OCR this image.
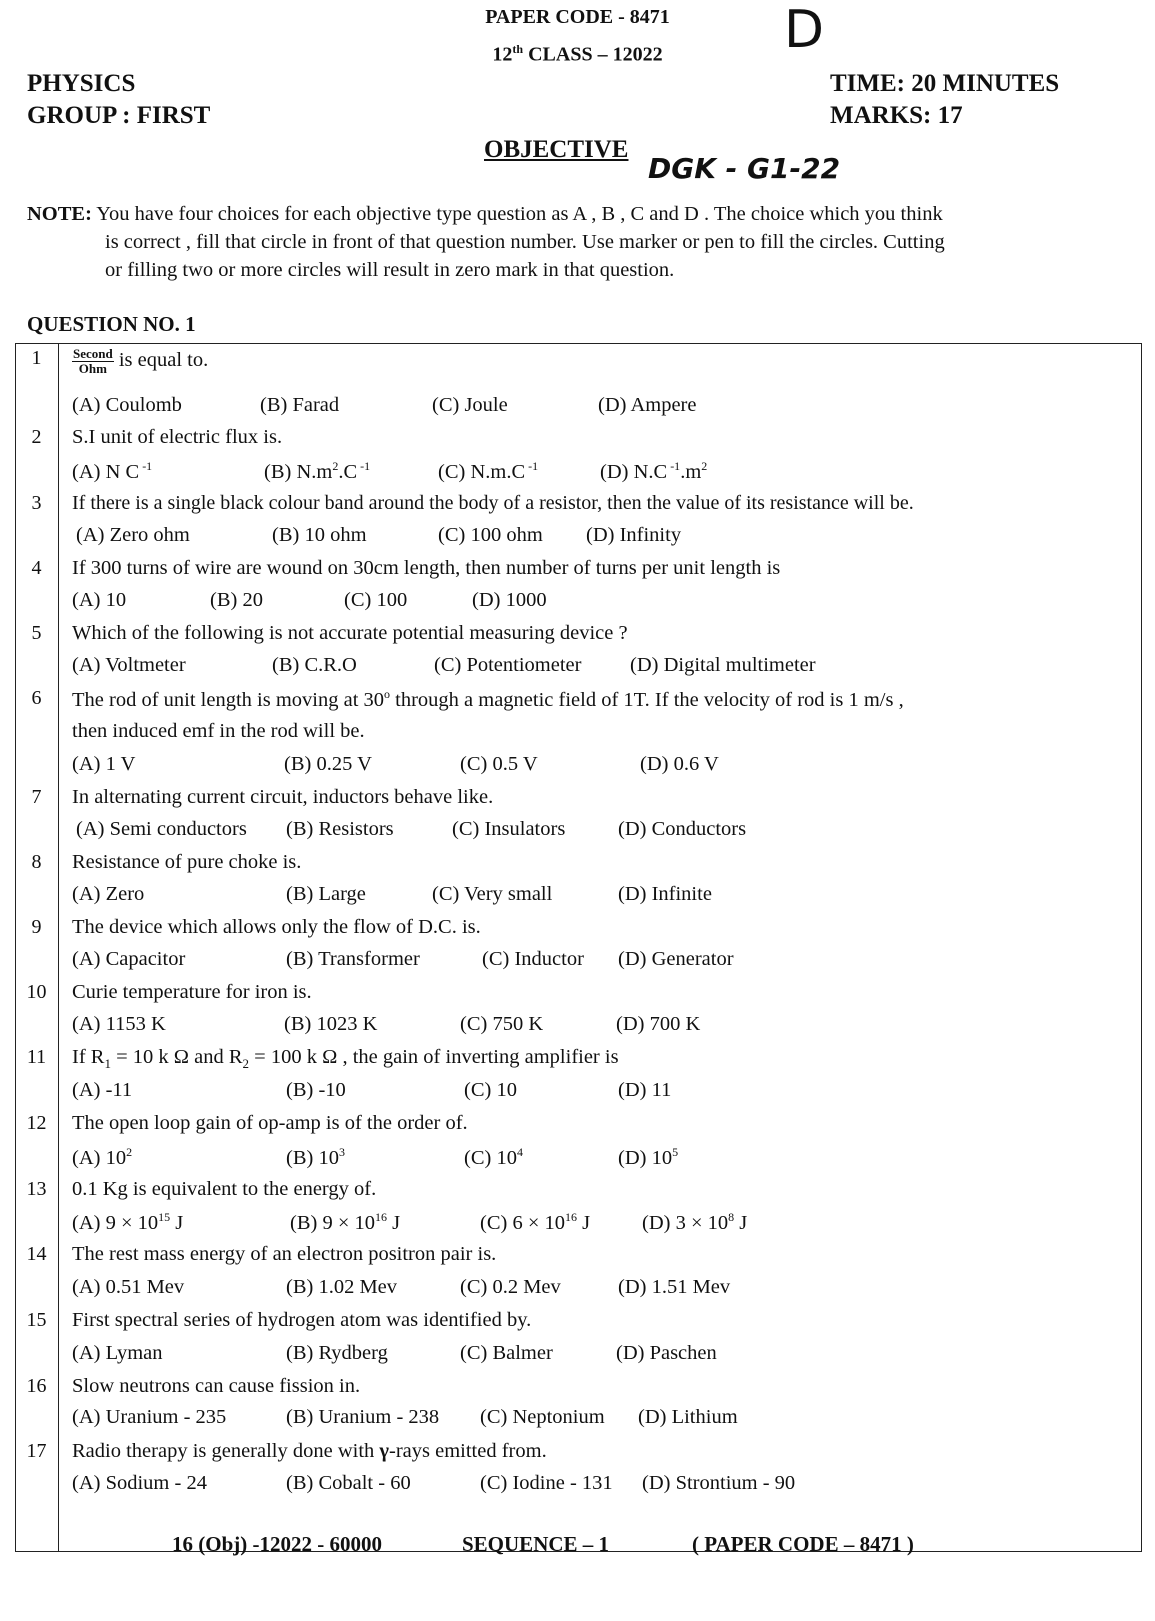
PAPER CODE - 8471
12th CLASS – 12022	D
PHYSICS
GROUP : FIRST
TIME: 20 MINUTES
MARKS: 17
OBJECTIVE
DGK - G1-22
NOTE: You have four choices for each objective type question as A , B , C and D . The choice which you think
is correct , fill that circle in front of that question number. Use marker or pen to fill the circles. Cutting
or filling two or more circles will result in zero mark in that question.
QUESTION NO. 1
1	$\frac{\text{Second}}{\text{Ohm}}$ is equal to.
(A) Coulomb	(B) Farad	(C) Joule	(D) Ampere
2	S.I unit of electric flux is.
(A) N C $^{-1}$	(B) $N.m^2.C$ $^{-1}$	(C) N.m.C $^{-1}$	(D) N.C $^{-1}.m^2$
3	If there is a single black colour band around the body of a resistor, then the value of its resistance will be.
(A) Zero ohm	(B) 10 ohm	(C) 100 ohm (D) Infinity
4	If 300 turns of wire are wound on 30cm length, then number of turns per unit length is
(A) 10	(B) 20	(C) 100	(D) 1000
5	Which of the following is not accurate potential measuring device ?
(A) Voltmeter	(B) C.R.O	(C) Potentiometer (D) Digital multimeter
6	The rod of unit length is moving at 30$^o$ through a magnetic field of 1T. If the velocity of rod is 1 m/s ,
then induced emf in the rod will be.
(A) 1 V	(B) 0.25 V	(C) 0.5 V	(D) 0.6 V
7	In alternating current circuit, inductors behave like.
(A) Semi conductors (B) Resistors	(C) Insulators	(D) Conductors
8	Resistance of pure choke is.
(A) Zero	(B) Large	(C) Very small	(D) Infinite
9	The device which allows only the flow of D.C. is.
(A) Capacitor	(B) Transformer	(C) Inductor (D) Generator
10	Curie temperature for iron is.
(A) 1153 K	(B) 1023 K	(C) 750 K	(D) 700 K
11	If $R_1 = 10$ k Ω and $R_2 = 100$ k Ω , the gain of inverting amplifier is
(A) -11	(B) -10	(C) 10	(D) 11
12	The open loop gain of op-amp is of the order of.
(A) $10^2$	(B) $10^3$	(C) $10^4$	(D) $10^5$
13	0.1 Kg is equivalent to the energy of.
(A) $9 \times 10^{15}$ J	(B) $9 \times 10^{16}$ J	(C) $6 \times 10^{16}$ J	(D) $3 \times 10^8$ J
14	The rest mass energy of an electron positron pair is.
(A) 0.51 Mev	(B) 1.02 Mev	(C) 0.2 Mev	(D) 1.51 Mev
15	First spectral series of hydrogen atom was identified by.
(A) Lyman	(B) Rydberg	(C) Balmer	(D) Paschen
16	Slow neutrons can cause fission in.
(A) Uranium - 235	(B) Uranium - 238 (C) Neptonium (D) Lithium
17	Radio therapy is generally done with γ-rays emitted from.
(A) Sodium - 24	(B) Cobalt - 60	(C) Iodine - 131 (D) Strontium - 90
16 (Obj) -12022 - 60000	SEQUENCE – 1	( PAPER CODE – 8471 )
